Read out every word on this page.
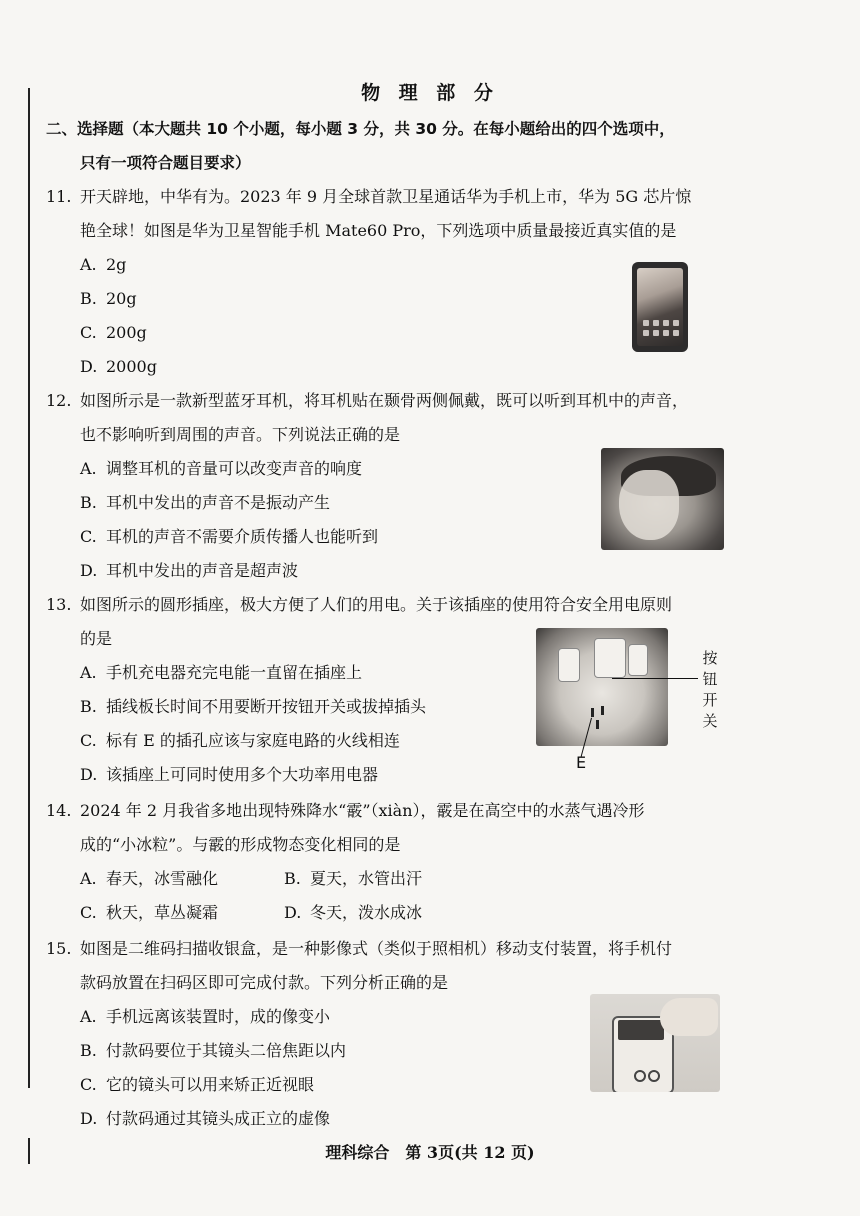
物 理 部 分
二、选择题（本大题共 10 个小题，每小题 3 分，共 30 分。在每小题给出的四个选项中，
只有一项符合题目要求）
11. 开天辟地，中华有为。2023 年 9 月全球首款卫星通话华为手机上市，华为 5G 芯片惊
艳全球！如图是华为卫星智能手机 Mate60 Pro，下列选项中质量最接近真实值的是
A. 2g
B. 20g
C. 200g
D. 2000g
12. 如图所示是一款新型蓝牙耳机，将耳机贴在颞骨两侧佩戴，既可以听到耳机中的声音，
也不影响听到周围的声音。下列说法正确的是
A. 调整耳机的音量可以改变声音的响度
B. 耳机中发出的声音不是振动产生
C. 耳机的声音不需要介质传播人也能听到
D. 耳机中发出的声音是超声波
13. 如图所示的圆形插座，极大方便了人们的用电。关于该插座的使用符合安全用电原则
的是
A. 手机充电器充完电能一直留在插座上
B. 插线板长时间不用要断开按钮开关或拔掉插头
C. 标有 E 的插孔应该与家庭电路的火线相连
D. 该插座上可同时使用多个大功率用电器
按钮开关
E
14. 2024 年 2 月我省多地出现特殊降水“霰”（xiàn），霰是在高空中的水蒸气遇冷形
成的“小冰粒”。与霰的形成物态变化相同的是
A. 春天，冰雪融化	B. 夏天，水管出汗
C. 秋天，草丛凝霜	D. 冬天，泼水成冰
15. 如图是二维码扫描收银盒，是一种影像式（类似于照相机）移动支付装置，将手机付
款码放置在扫码区即可完成付款。下列分析正确的是
A. 手机远离该装置时，成的像变小
B. 付款码要位于其镜头二倍焦距以内
C. 它的镜头可以用来矫正近视眼
D. 付款码通过其镜头成正立的虚像
理科综合　第 3页(共 12 页)
